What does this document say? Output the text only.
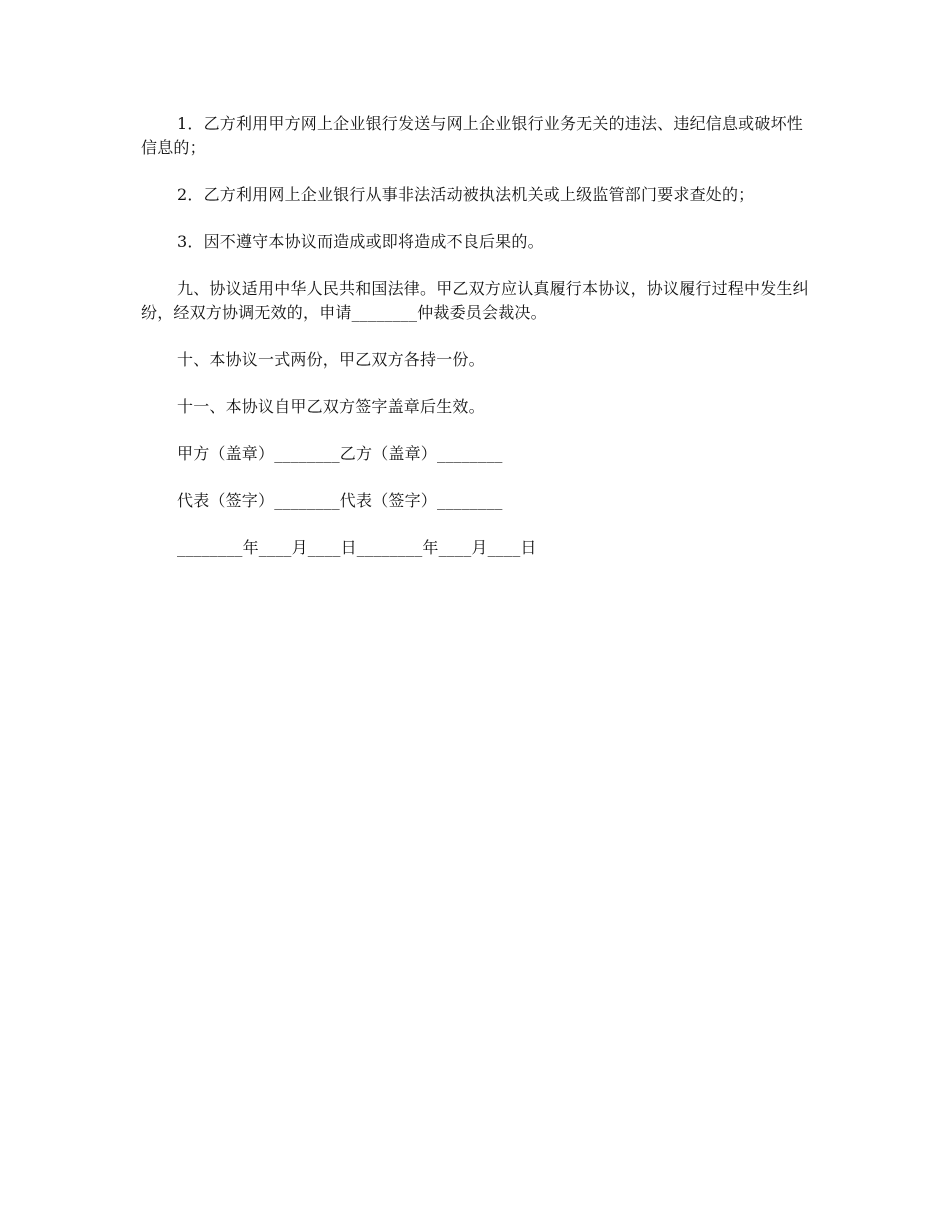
1．乙方利用甲方网上企业银行发送与网上企业银行业务无关的违法、违纪信息或破坏性信息的；

2．乙方利用网上企业银行从事非法活动被执法机关或上级监管部门要求查处的；

3．因不遵守本协议而造成或即将造成不良后果的。

九、协议适用中华人民共和国法律。甲乙双方应认真履行本协议，协议履行过程中发生纠纷，经双方协调无效的，申请________仲裁委员会裁决。

十、本协议一式两份，甲乙双方各持一份。

十一、本协议自甲乙双方签字盖章后生效。

甲方（盖章）________乙方（盖章）________

代表（签字）________代表（签字）________

________年____月____日________年____月____日
